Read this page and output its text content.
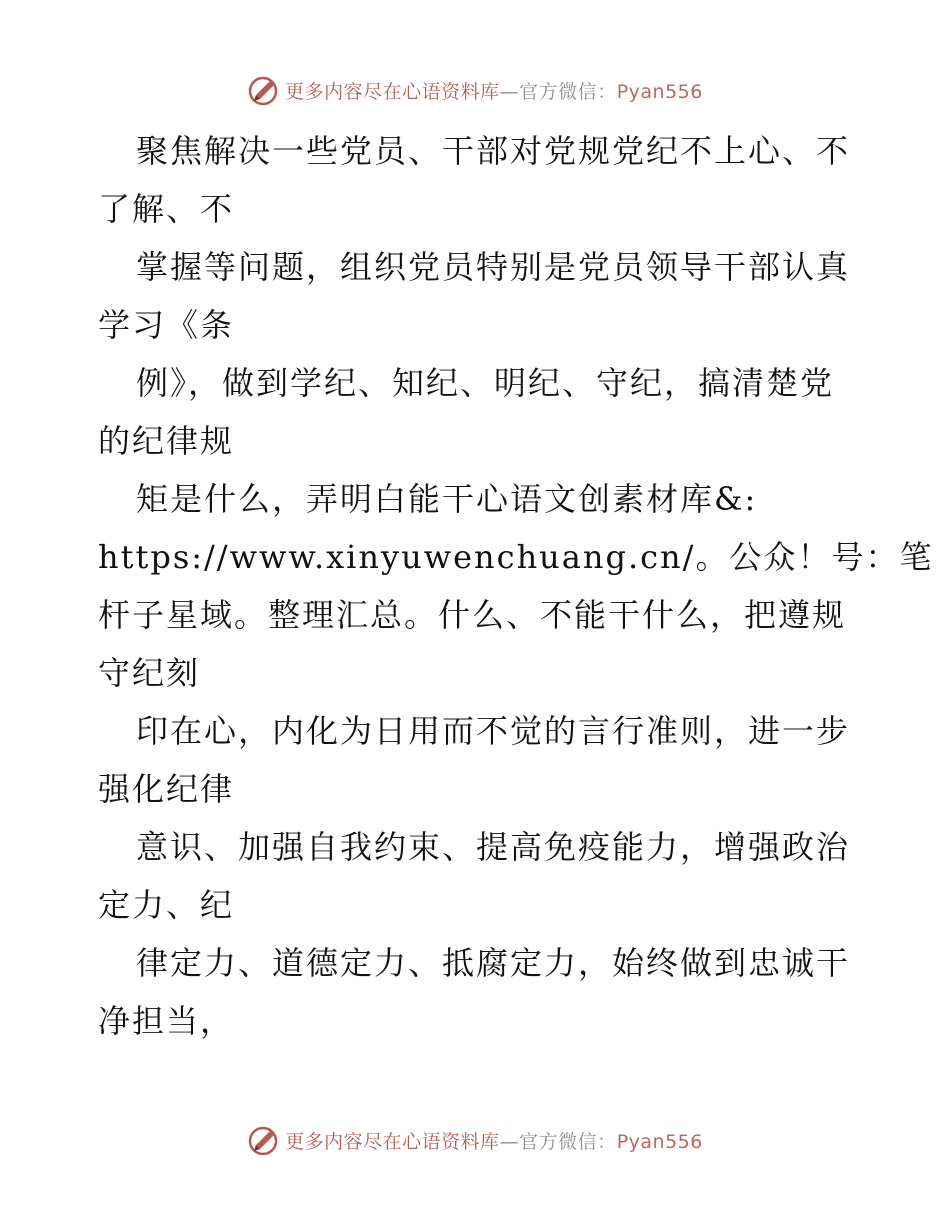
更多内容尽在心语资料库—官方微信：Pyan556

聚焦解决一些党员、干部对党规党纪不上心、不

了解、不

掌握等问题，组织党员特别是党员领导干部认真

学习《条

例》，做到学纪、知纪、明纪、守纪，搞清楚党

的纪律规

矩是什么，弄明白能干心语文创素材库&:

https://www.xinyuwenchuang.cn/。公众！号：笔

杆子星域。整理汇总。什么、不能干什么，把遵规

守纪刻

印在心，内化为日用而不觉的言行准则，进一步

强化纪律

意识、加强自我约束、提高免疫能力，增强政治

定力、纪

律定力、道德定力、抵腐定力，始终做到忠诚干

净担当，

更多内容尽在心语资料库—官方微信：Pyan556
